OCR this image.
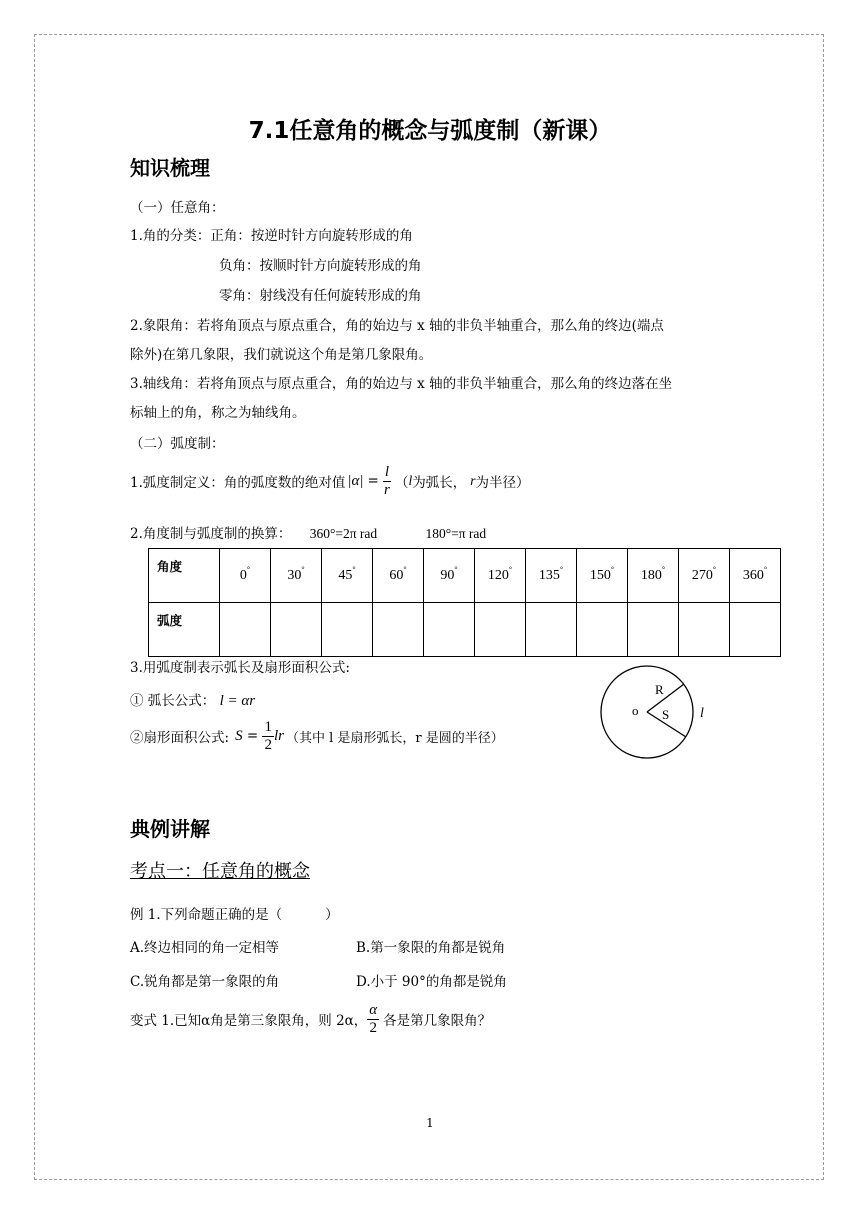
7.1任意角的概念与弧度制（新课）
知识梳理
（一）任意角：
1.角的分类：正角：按逆时针方向旋转形成的角
负角：按顺时针方向旋转形成的角
零角：射线没有任何旋转形成的角
2.象限角：若将角顶点与原点重合，角的始边与 x 轴的非负半轴重合，那么角的终边(端点
除外)在第几象限，我们就说这个角是第几象限角。
3.轴线角：若将角顶点与原点重合，角的始边与 x 轴的非负半轴重合，那么角的终边落在坐
标轴上的角，称之为轴线角。
（二）弧度制：
1.弧度制定义：角的弧度数的绝对值 $|\alpha| = \frac{l}{r}$ （ l 为弧长， r 为半径）
2.角度制与弧度制的换算： 360°=2π rad	180°=π rad
角度	0°	30°	45°	60°	90°	120°	135°	150°	180°	270°	360°
弧度											
3.用弧度制表示弧长及扇形面积公式:
① 弧长公式： l = αr
②扇形面积公式: $S = \frac{1}{2}$ lr （其中 l 是扇形弧长，r 是圆的半径）
R
o S l
典例讲解
考点一：任意角的概念
例 1.下列命题正确的是（          ）
A.终边相同的角一定相等	B.第一象限的角都是锐角
C.锐角都是第一象限的角	D.小于 90°的角都是锐角
变式 1.已知α角是第三象限角，则 2α， $\frac{\alpha}{2}$ 各是第几象限角？
1
